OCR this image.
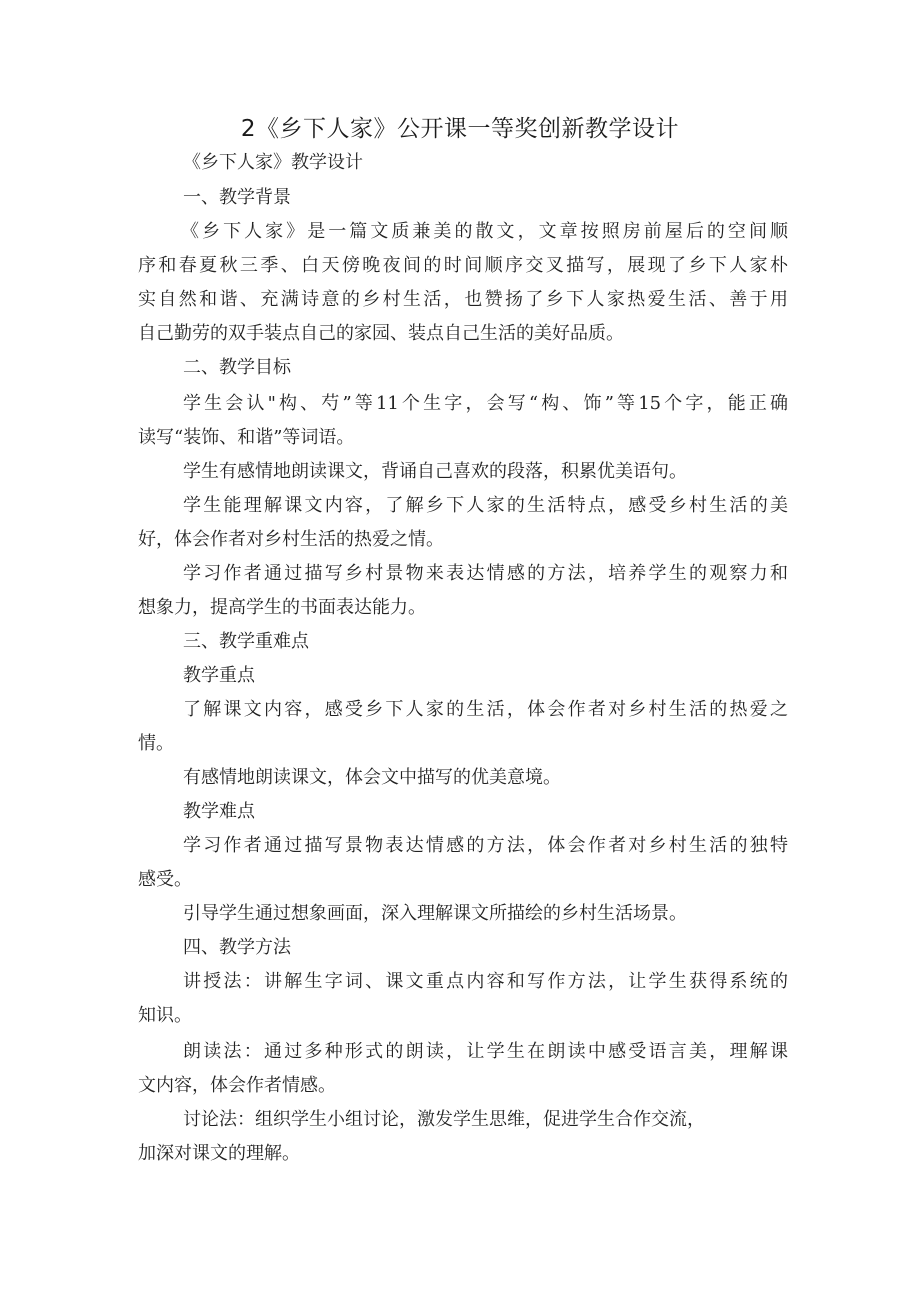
2《乡下人家》公开课一等奖创新教学设计

《乡下人家》教学设计

一、教学背景

《乡下人家》是一篇文质兼美的散文，文章按照房前屋后的空间顺

序和春夏秋三季、白天傍晚夜间的时间顺序交叉描写，展现了乡下人家朴

实自然和谐、充满诗意的乡村生活，也赞扬了乡下人家热爱生活、善于用

自己勤劳的双手装点自己的家园、装点自己生活的美好品质。

二、教学目标

学生会认"构、芍”等11个生字，会写“构、饰”等15个字，能正确

读写“装饰、和谐”等词语。

学生有感情地朗读课文，背诵自己喜欢的段落，积累优美语句。

学生能理解课文内容，了解乡下人家的生活特点，感受乡村生活的美

好，体会作者对乡村生活的热爱之情。

学习作者通过描写乡村景物来表达情感的方法，培养学生的观察力和

想象力，提高学生的书面表达能力。

三、教学重难点

教学重点

了解课文内容，感受乡下人家的生活，体会作者对乡村生活的热爱之

情。

有感情地朗读课文，体会文中描写的优美意境。

教学难点

学习作者通过描写景物表达情感的方法，体会作者对乡村生活的独特

感受。

引导学生通过想象画面，深入理解课文所描绘的乡村生活场景。

四、教学方法

讲授法：讲解生字词、课文重点内容和写作方法，让学生获得系统的

知识。

朗读法：通过多种形式的朗读，让学生在朗读中感受语言美，理解课

文内容，体会作者情感。

讨论法：组织学生小组讨论，激发学生思维，促进学生合作交流，

加深对课文的理解。
